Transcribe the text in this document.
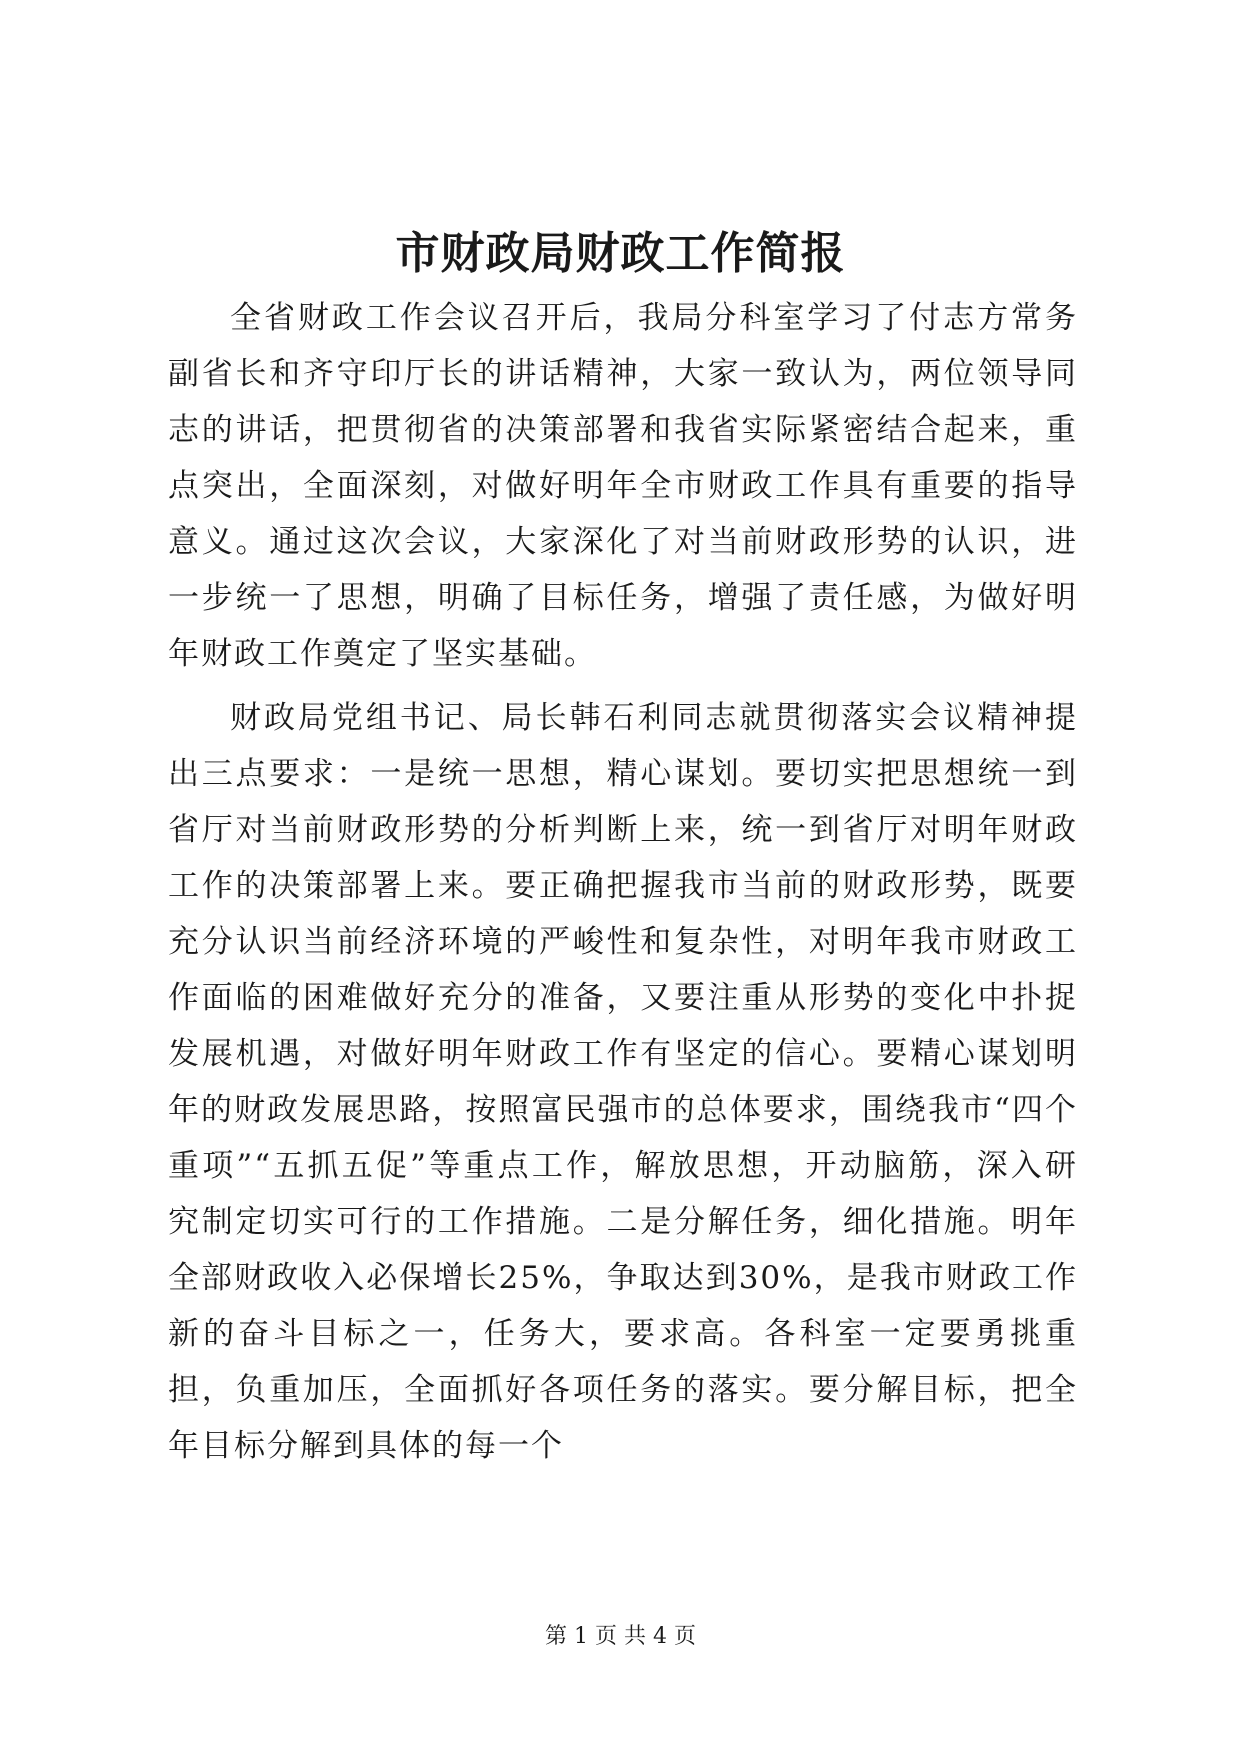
市财政局财政工作简报

全省财政工作会议召开后，我局分科室学习了付志方常务副省长和齐守印厅长的讲话精神，大家一致认为，两位领导同志的讲话，把贯彻省的决策部署和我省实际紧密结合起来，重点突出，全面深刻，对做好明年全市财政工作具有重要的指导意义。通过这次会议，大家深化了对当前财政形势的认识，进一步统一了思想，明确了目标任务，增强了责任感，为做好明年财政工作奠定了坚实基础。

财政局党组书记、局长韩石利同志就贯彻落实会议精神提出三点要求：一是统一思想，精心谋划。要切实把思想统一到省厅对当前财政形势的分析判断上来，统一到省厅对明年财政工作的决策部署上来。要正确把握我市当前的财政形势，既要充分认识当前经济环境的严峻性和复杂性，对明年我市财政工作面临的困难做好充分的准备，又要注重从形势的变化中扑捉发展机遇，对做好明年财政工作有坚定的信心。要精心谋划明年的财政发展思路，按照富民强市的总体要求，围绕我市“四个重项”“五抓五促”等重点工作，解放思想，开动脑筋，深入研究制定切实可行的工作措施。二是分解任务，细化措施。明年全部财政收入必保增长25%，争取达到30%，是我市财政工作新的奋斗目标之一，任务大，要求高。各科室一定要勇挑重担，负重加压，全面抓好各项任务的落实。要分解目标，把全年目标分解到具体的每一个

第 1 页 共 4 页
